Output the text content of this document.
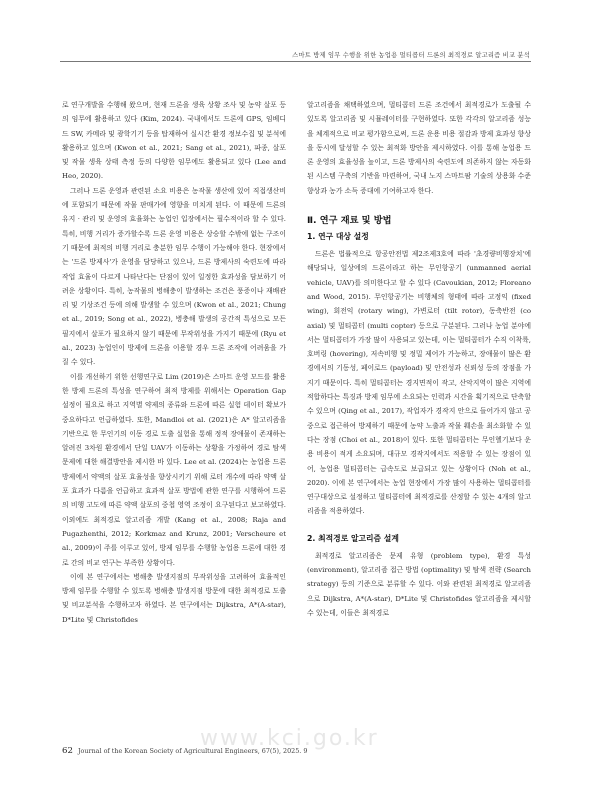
스마트 방제 임무 수행을 위한 농업용 멀티콥터 드론의 최적경로 알고리즘 비교 분석

로 연구개발을 수행해 왔으며, 현재 드론을 생육 상황 조사 및 농약 살포 등의 임무에 활용하고 있다 (Kim, 2024). 국내에서도 드론에 GPS, 임베디드 SW, 카메라 및 광학기기 등을 탑재하여 실시간 환경 정보수집 및 분석에 활용하고 있으며 (Kwon et al., 2021; Sang et al., 2021), 파종, 살포 및 작물 생육 상태 측정 등의 다양한 임무에도 활용되고 있다 (Lee and Heo, 2020).

그러나 드론 운영과 관련된 소요 비용은 농작물 생산에 있어 직접생산비에 포함되기 때문에 작물 판매가에 영향을 미치게 된다. 이 때문에 드론의 유지 · 관리 및 운영의 효율화는 농업인 입장에서는 필수적이라 할 수 있다. 특히, 비행 거리가 증가할수록 드론 운영 비용은 상승할 수밖에 없는 구조이기 때문에 최적의 비행 거리로 충분한 임무 수행이 가능해야 한다. 현장에서는 '드론 방제사'가 운영을 담당하고 있으나, 드론 방제사의 숙련도에 따라 작업 효율이 다르게 나타난다는 단점이 있어 일정한 효과성을 담보하기 어려운 상황이다. 특히, 농작물의 병해충이 발생하는 조건은 풍증이나 재배관리 및 기상조건 등에 의해 발생할 수 있으며 (Kwon et al., 2021; Chung et al., 2019; Song et al., 2022), 병충해 발생의 공간적 특성으로 모든 필지에서 살포가 필요하지 않기 때문에 무작위성을 가지기 때문에 (Ryu et al., 2023) 농업인이 방제에 드론을 이용할 경우 드론 조작에 어려움을 가질 수 있다.

이를 개선하기 위한 선행연구로 Lim (2019)은 스마트 운영 모드를 활용한 방제 드론의 특성을 연구하여 최적 방제를 위해서는 Operation Gap 설정이 필요로 하고 지역별 약제의 종류와 드론에 따른 실험 데이터 확보가 중요하다고 언급하였다. 또한, Mandloi et al. (2021)은 A* 알고리즘을 기반으로 한 무인기의 이동 경로 도출 실험을 통해 정적 장애물이 존재하는 알려진 3차원 환경에서 단일 UAV가 이동하는 상황을 가정하여 경로 탐색 문제에 대한 해결방안을 제시한 바 있다. Lee et al. (2024)는 농업용 드론 방제에서 약액의 살포 효율성을 향상시키기 위해 로터 개수에 따라 약액 살포 효과가 다름을 언급하고 효과적 살포 방법에 관한 연구를 시행하여 드론의 비행 고도에 따른 약액 살포의 중첩 영역 조정이 요구된다고 보고하였다. 이외에도 최적경로 알고리즘 개발 (Kang et al., 2008; Raja and Pugazhenthi, 2012; Korkmaz and Krunz, 2001; Verscheure et al., 2009)이 주를 이루고 있어, 방제 임무를 수행할 농업용 드론에 대한 경로 간의 비교 연구는 부족한 상황이다.

이에 본 연구에서는 병해충 발생지점의 무작위성을 고려하여 효율적인 방제 임무를 수행할 수 있도록 병해충 발생지점 방문에 대한 최적경로 도출 및 비교분석을 수행하고자 하였다. 본 연구에서는 Dijkstra, A*(A-star), D*Lite 및 Christofides

알고리즘을 채택하였으며, 멀티콥터 드론 조건에서 최적경로가 도출될 수 있도록 알고리즘 및 시뮬레이터를 구현하였다. 또한 각각의 알고리즘 성능을 체계적으로 비교 평가함으로써, 드론 운용 비용 절감과 방제 효과성 향상을 동시에 달성할 수 있는 최적화 방안을 제시하였다. 이를 통해 농업용 드론 운영의 효율성을 높이고, 드론 방제사의 숙련도에 의존하지 않는 자동화된 시스템 구축의 기반을 마련하여, 국내 노지 스마트팜 기술의 상용화 수준 향상과 농가 소득 증대에 기여하고자 한다.

Ⅱ. 연구 재료 및 방법
1. 연구 대상 설정

드론은 법률적으로 항공안전법 제2조제3호에 따라 '초경량비행장치'에 해당되나, 일상에의 드론이라고 하는 무인항공기 (unmanned aerial vehicle, UAV)를 의미한다고 할 수 있다 (Cavoukian, 2012; Floreano and Wood, 2015). 무인항공기는 비행체의 형태에 따라 고정익 (fixed wing), 회전익 (rotary wing), 가변로터 (tilt rotor), 동축반전 (co axial) 및 멀티콥터 (multi copter) 등으로 구분된다. 그러나 농업 분야에서는 멀티콥터가 가장 많이 사용되고 있는데, 이는 멀티콥터가 수직 이착륙, 호버링 (hovering), 저속비행 및 정밀 제어가 가능하고, 장애물이 많은 환경에서의 기동성, 페이로드 (payload) 및 안전성과 신뢰성 등의 장점을 가지기 때문이다. 특히 멀티콥터는 경지면적이 작고, 산악지역이 많은 지역에 적합하다는 특징과 방제 임무에 소요되는 인력과 시간을 획기적으로 단축할 수 있으며 (Qing et al., 2017), 작업자가 경작지 안으로 들어가지 않고 공중으로 접근하여 방제하기 때문에 농약 노출과 작물 훼손을 최소화할 수 있다는 장점 (Choi et al., 2018)이 있다. 또한 멀티콥터는 무인헬기보다 운용 비용이 적게 소요되며, 대규모 경작지에서도 적용할 수 있는 장점이 있어, 농업용 멀티콥터는 급속도로 보급되고 있는 상황이다 (Noh et al., 2020). 이에 본 연구에서는 농업 현장에서 가장 많이 사용하는 멀티콥터를 연구대상으로 설정하고 멀티콥터에 최적경로를 산정할 수 있는 4개의 알고리즘을 적용하였다.

2. 최적경로 알고리즘 설계

최적경로 알고리즘은 문제 유형 (problem type), 환경 특성 (environment), 알고리즘 접근 방법 (optimality) 및 탐색 전략 (Search strategy) 등의 기준으로 분류할 수 있다. 이와 관련된 최적경로 알고리즘으로 Dijkstra, A*(A-star), D*Lite 및 Christofides 알고리즘을 제시할 수 있는데, 이들은 최적경로

www.kci.go.kr
62 Journal of the Korean Society of Agricultural Engineers, 67(5), 2025. 9
